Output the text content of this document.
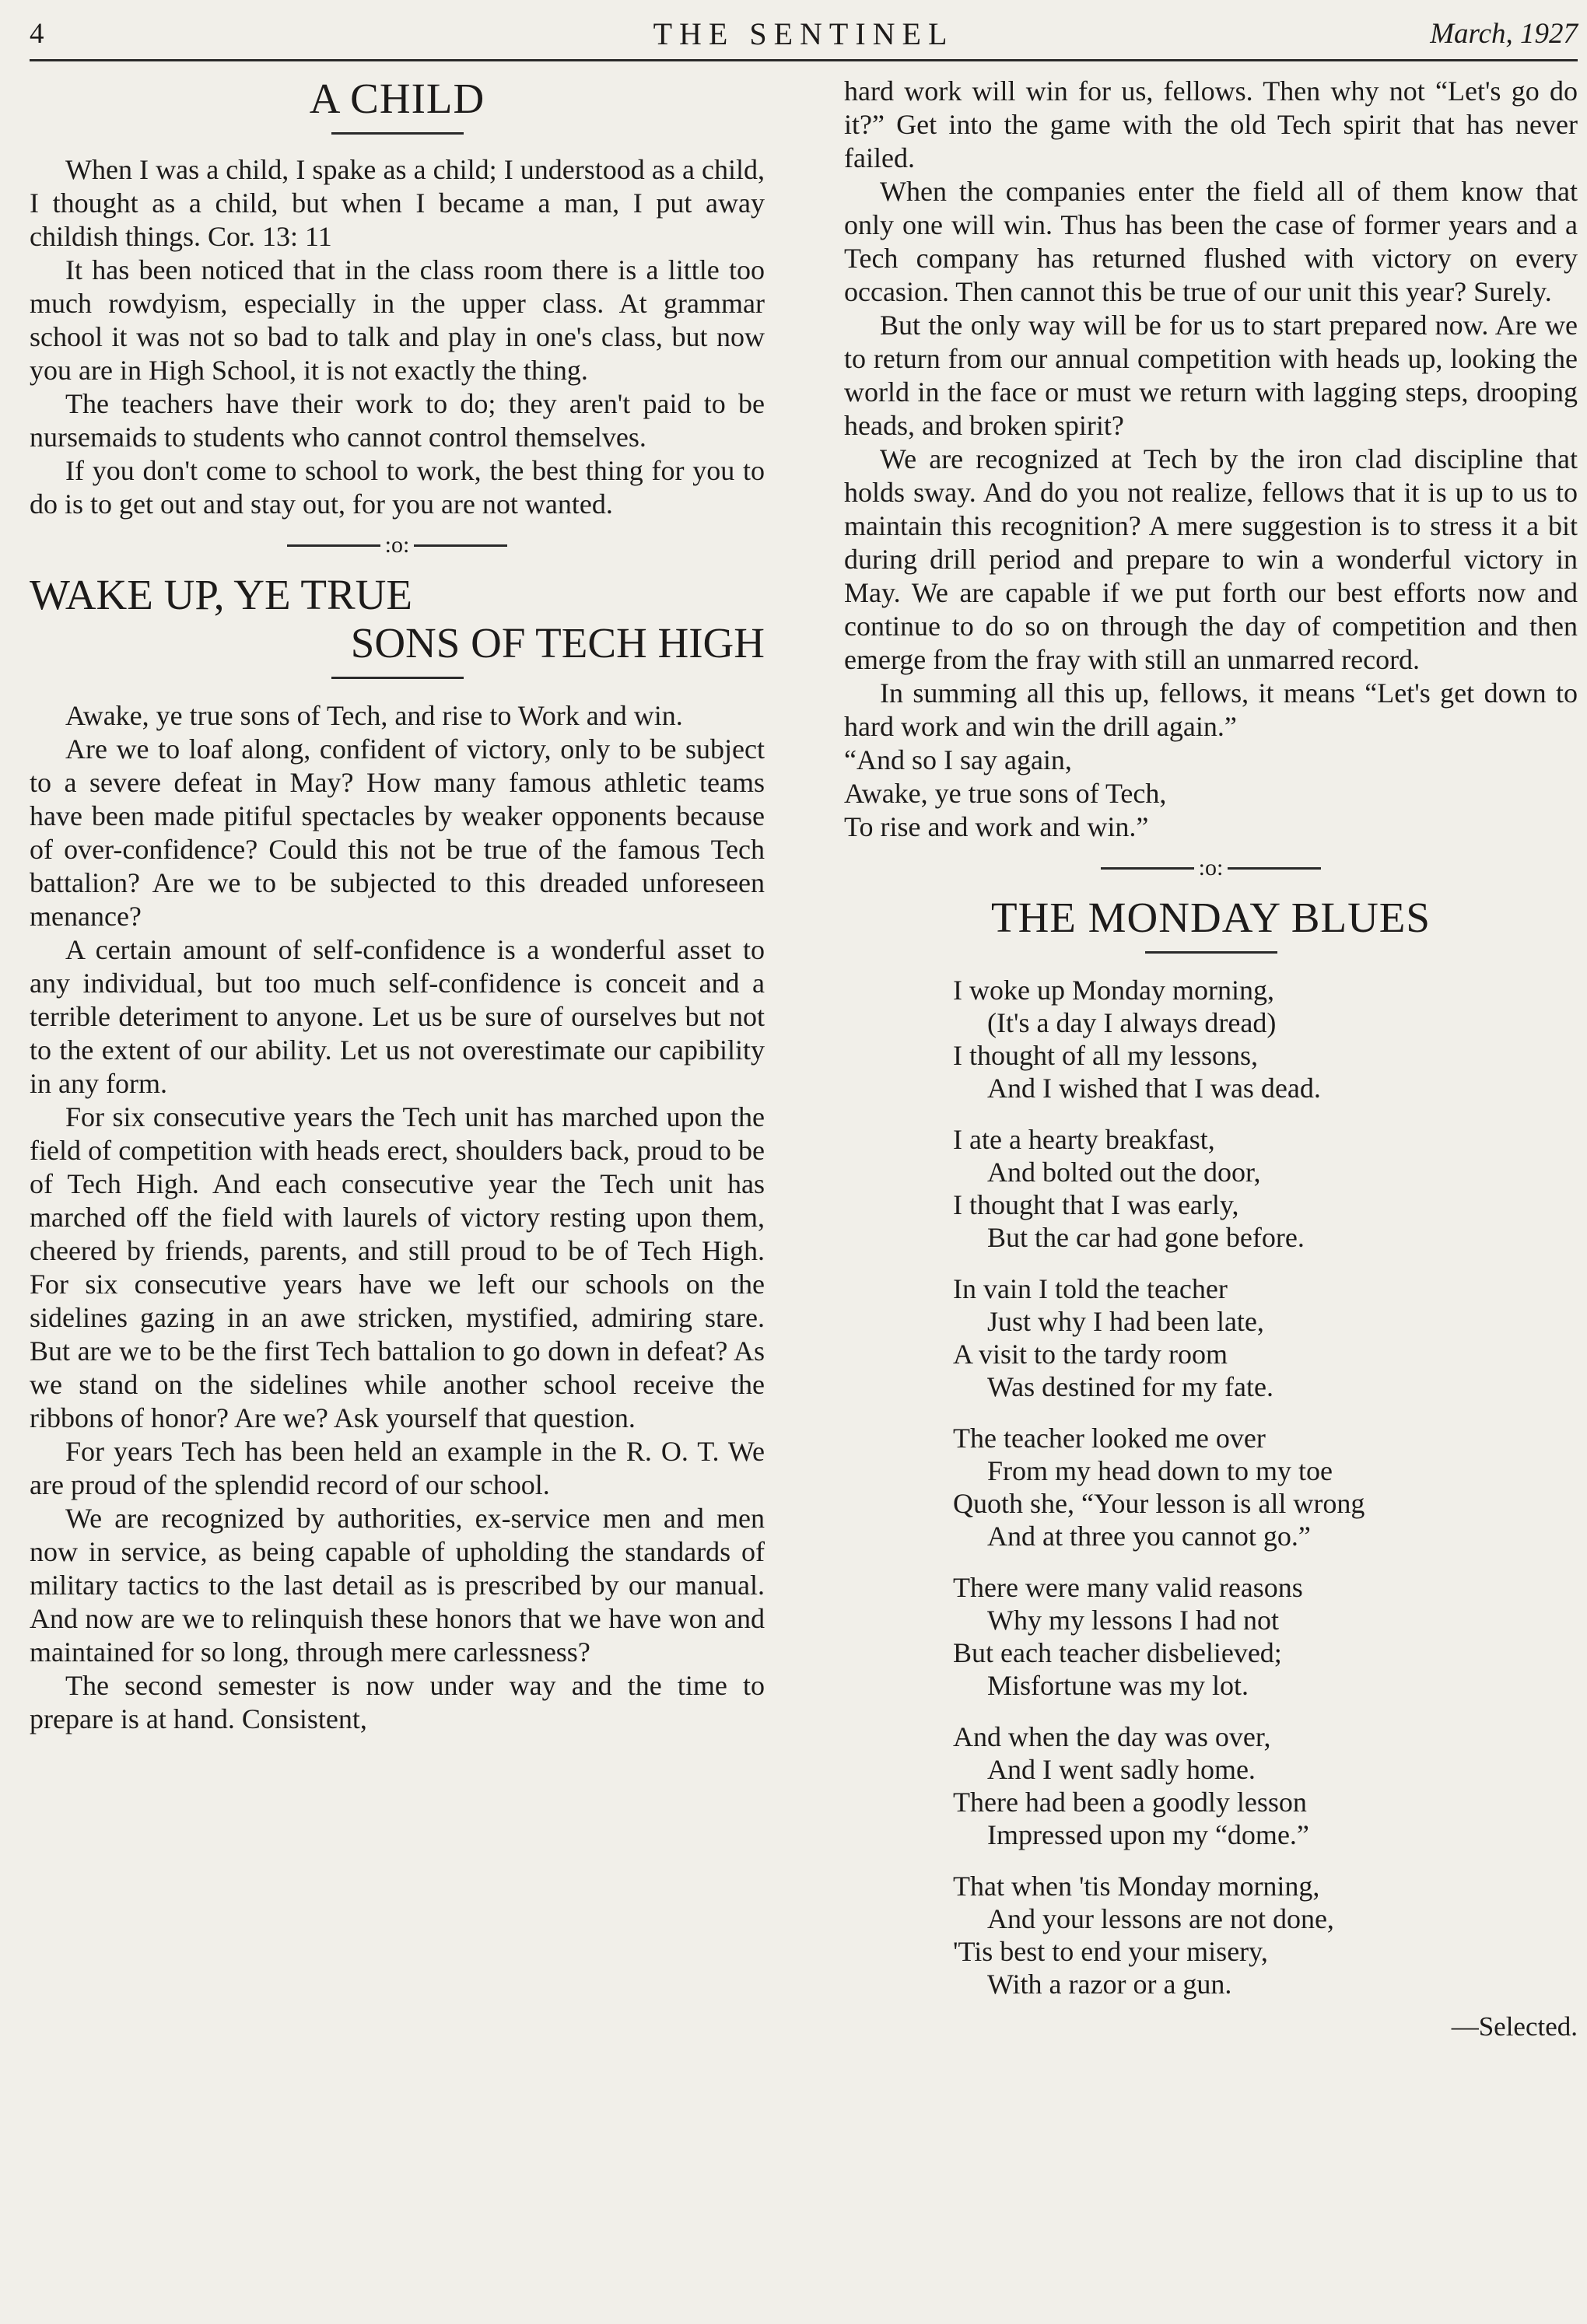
4	THE SENTINEL	March, 1927
A CHILD

When I was a child, I spake as a child; I understood as a child, I thought as a child, but when I became a man, I put away childish things. Cor. 13: 11

It has been noticed that in the class room there is a little too much rowdyism, especially in the upper class. At grammar school it was not so bad to talk and play in one's class, but now you are in High School, it is not exactly the thing.

The teachers have their work to do; they aren't paid to be nursemaids to students who cannot control themselves.

If you don't come to school to work, the best thing for you to do is to get out and stay out, for you are not wanted.

:o:
WAKE UP, YE TRUE
SONS OF TECH HIGH

Awake, ye true sons of Tech, and rise to Work and win.

Are we to loaf along, confident of victory, only to be subject to a severe defeat in May? How many famous athletic teams have been made pitiful spectacles by weaker opponents because of over-confidence? Could this not be true of the famous Tech battalion? Are we to be subjected to this dreaded unforeseen menance?

A certain amount of self-confidence is a wonderful asset to any individual, but too much self-confidence is conceit and a terrible deteriment to anyone. Let us be sure of ourselves but not to the extent of our ability. Let us not overestimate our capibility in any form.

For six consecutive years the Tech unit has marched upon the field of competition with heads erect, shoulders back, proud to be of Tech High. And each consecutive year the Tech unit has marched off the field with laurels of victory resting upon them, cheered by friends, parents, and still proud to be of Tech High. For six consecutive years have we left our schools on the sidelines gazing in an awe stricken, mystified, admiring stare. But are we to be the first Tech battalion to go down in defeat? As we stand on the sidelines while another school receive the ribbons of honor? Are we? Ask yourself that question.

For years Tech has been held an example in the R. O. T. We are proud of the splendid record of our school.

We are recognized by authorities, ex-service men and men now in service, as being capable of upholding the standards of military tactics to the last detail as is prescribed by our manual. And now are we to relinquish these honors that we have won and maintained for so long, through mere carlessness?

The second semester is now under way and the time to prepare is at hand. Consistent,

hard work will win for us, fellows. Then why not “Let's go do it?” Get into the game with the old Tech spirit that has never failed.

When the companies enter the field all of them know that only one will win. Thus has been the case of former years and a Tech company has returned flushed with victory on every occasion. Then cannot this be true of our unit this year? Surely.

But the only way will be for us to start prepared now. Are we to return from our annual competition with heads up, looking the world in the face or must we return with lagging steps, drooping heads, and broken spirit?

We are recognized at Tech by the iron clad discipline that holds sway. And do you not realize, fellows that it is up to us to maintain this recognition? A mere suggestion is to stress it a bit during drill period and prepare to win a wonderful victory in May. We are capable if we put forth our best efforts now and continue to do so on through the day of competition and then emerge from the fray with still an unmarred record.

In summing all this up, fellows, it means “Let's get down to hard work and win the drill again.”

“And so I say again,

Awake, ye true sons of Tech,

To rise and work and win.”

:o:
THE MONDAY BLUES
I woke up Monday morning,
(It's a day I always dread)
I thought of all my lessons,
And I wished that I was dead.
I ate a hearty breakfast,
And bolted out the door,
I thought that I was early,
But the car had gone before.
In vain I told the teacher
Just why I had been late,
A visit to the tardy room
Was destined for my fate.
The teacher looked me over
From my head down to my toe
Quoth she, “Your lesson is all wrong
And at three you cannot go.”
There were many valid reasons
Why my lessons I had not
But each teacher disbelieved;
Misfortune was my lot.
And when the day was over,
And I went sadly home.
There had been a goodly lesson
Impressed upon my “dome.”
That when 'tis Monday morning,
And your lessons are not done,
'Tis best to end your misery,
With a razor or a gun.
—Selected.
